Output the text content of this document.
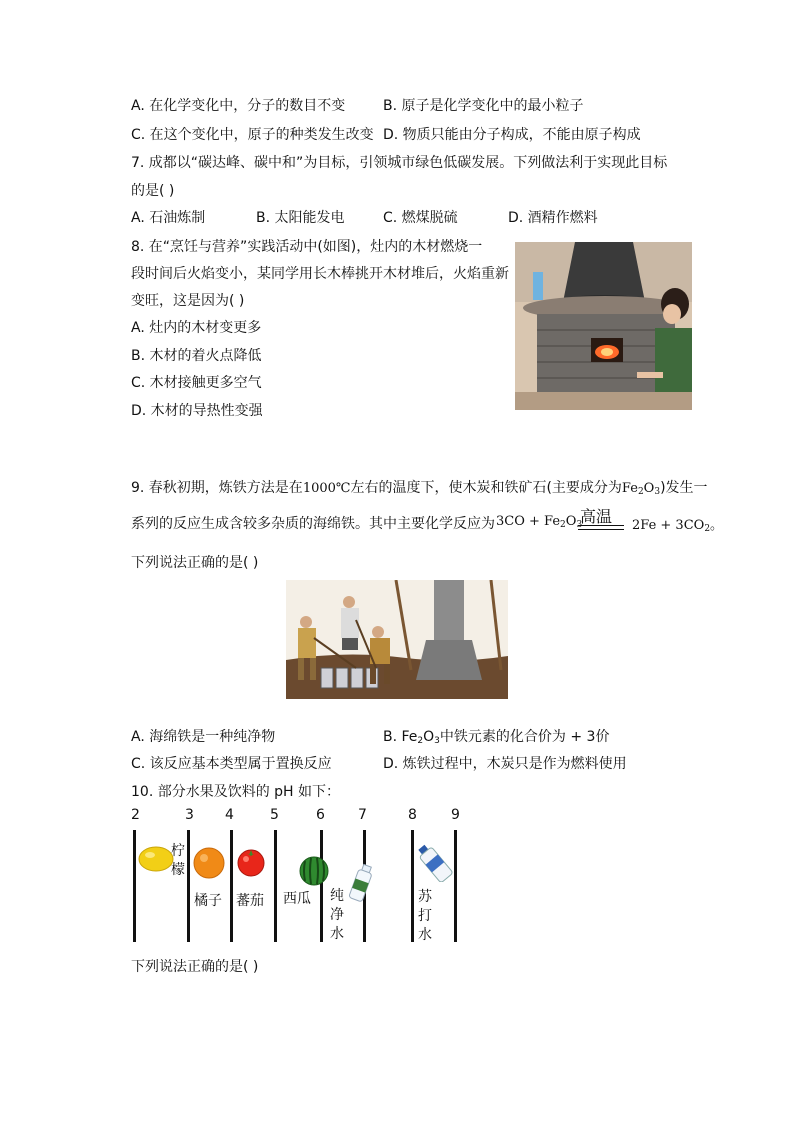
A. 在化学变化中，分子的数目不变	B. 原子是化学变化中的最小粒子
C. 在这个变化中，原子的种类发生改变 D. 物质只能由分子构成，不能由原子构成
7. 成都以“碳达峰、碳中和”为目标，引领城市绿色低碳发展。下列做法利于实现此目标
的是( )
A. 石油炼制	B. 太阳能发电	C. 燃煤脱硫	D. 酒精作燃料
8. 在“烹饪与营养”实践活动中(如图)，灶内的木材燃烧一
段时间后火焰变小，某同学用长木棒挑开木材堆后，火焰重新
变旺，这是因为( )
A. 灶内的木材变更多
B. 木材的着火点降低
C. 木材接触更多空气
D. 木材的导热性变强
9. 春秋初期，炼铁方法是在1000℃左右的温度下，使木炭和铁矿石(主要成分为$Fe_2O_3$)发生一
系列的反应生成含较多杂质的海绵铁。其中主要化学反应为 $3CO + Fe_2O_3$
高温 $2Fe + 3CO_2$。
下列说法正确的是( )
A. 海绵铁是一种纯净物	B. $Fe_2O_3$中铁元素的化合价为 + 3价
C. 该反应基本类型属于置换反应	D. 炼铁过程中，木炭只是作为燃料使用
10. 部分水果及饮料的 pH 如下：
2	3 4	5	6 7	8 9
柠
檬
橘子 蕃茄 西瓜 纯
净
水
苏
打
水
下列说法正确的是( )
